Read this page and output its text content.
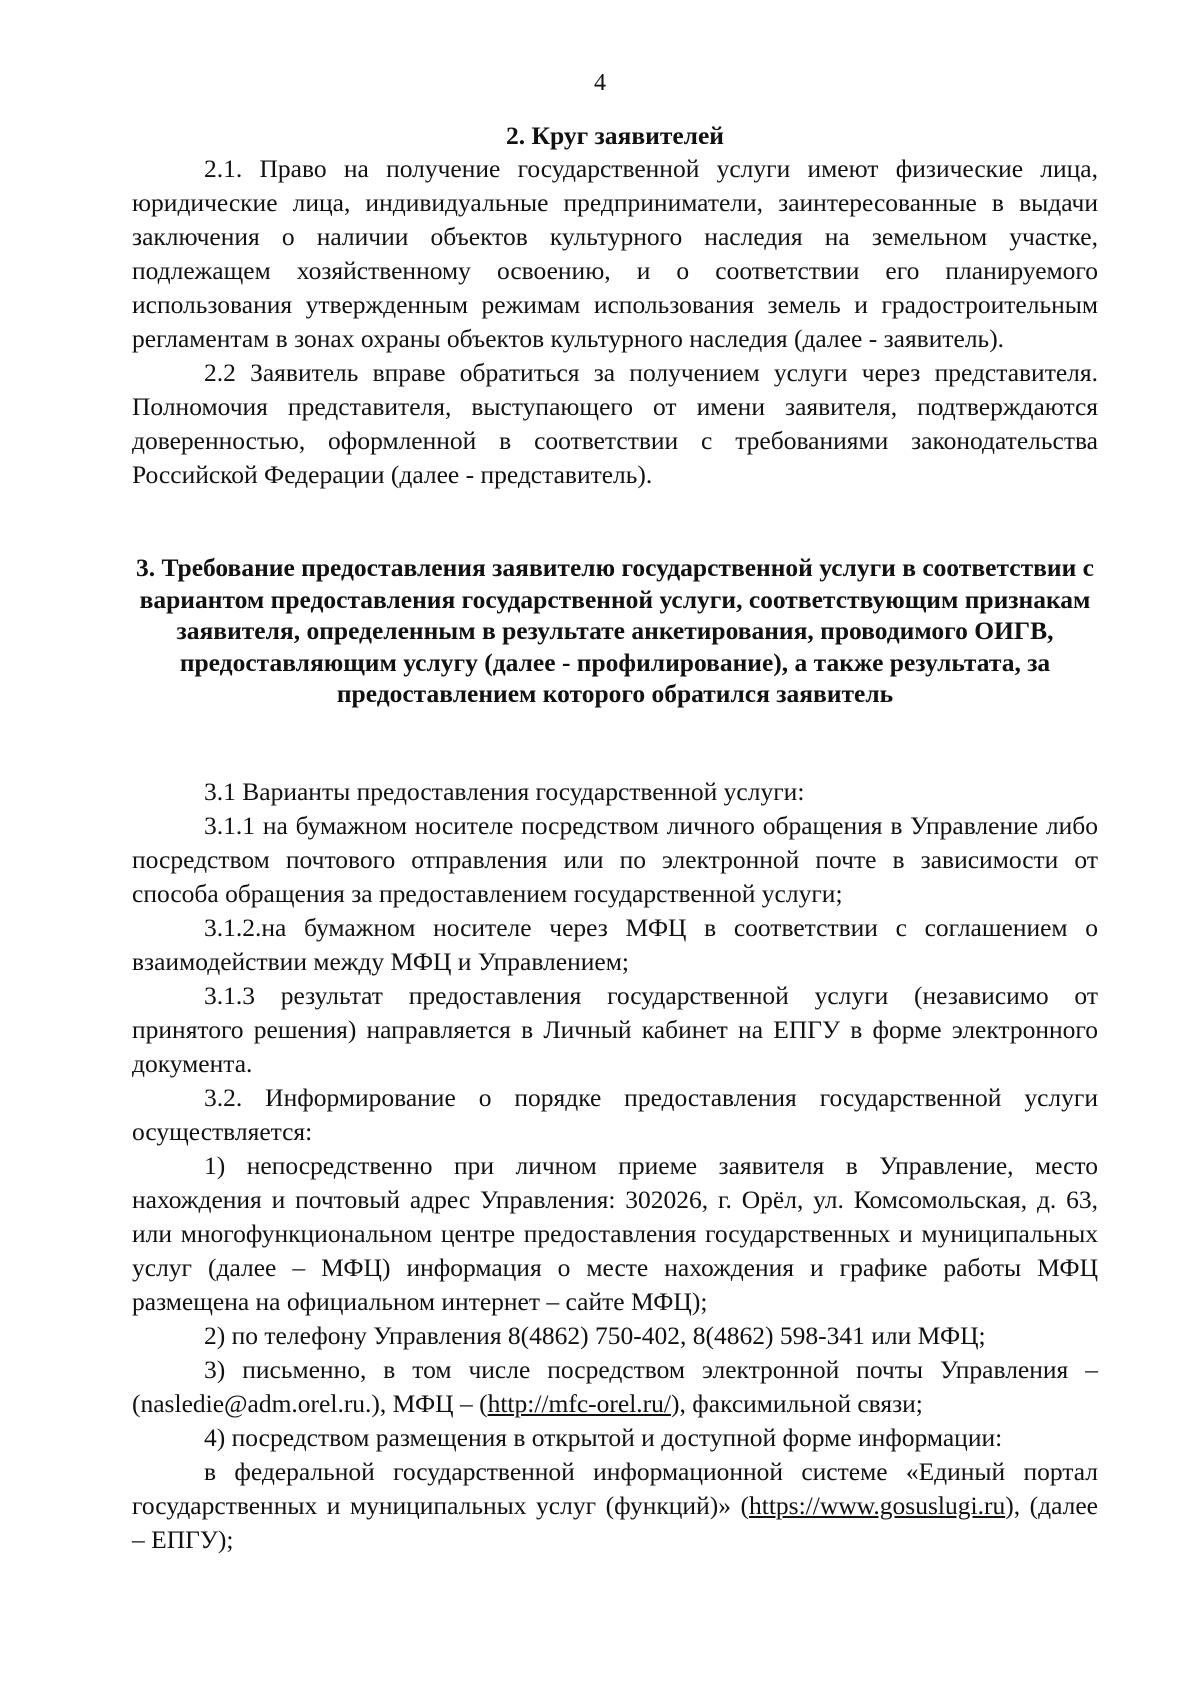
4
2. Круг заявителей

2.1. Право на получение государственной услуги имеют физические лица, юридические лица, индивидуальные предприниматели, заинтересованные в выдачи заключения о наличии объектов культурного наследия на земельном участке, подлежащем хозяйственному освоению, и о соответствии его планируемого использования утвержденным режимам использования земель и градостроительным регламентам в зонах охраны объектов культурного наследия (далее - заявитель).

2.2 Заявитель вправе обратиться за получением услуги через представителя. Полномочия представителя, выступающего от имени заявителя, подтверждаются доверенностью, оформленной в соответствии с требованиями законодательства Российской Федерации (далее - представитель).

3. Требование предоставления заявителю государственной услуги в соответствии с вариантом предоставления государственной услуги, соответствующим признакам заявителя, определенным в результате анкетирования, проводимого ОИГВ, предоставляющим услугу (далее - профилирование), а также результата, за предоставлением которого обратился заявитель

3.1 Варианты предоставления государственной услуги:

3.1.1 на бумажном носителе посредством личного обращения в Управление либо посредством почтового отправления или по электронной почте в зависимости от способа обращения за предоставлением государственной услуги;

3.1.2.на бумажном носителе через МФЦ в соответствии с соглашением о взаимодействии между МФЦ и Управлением;

3.1.3 результат предоставления государственной услуги (независимо от принятого решения) направляется в Личный кабинет на ЕПГУ в форме электронного документа.

3.2. Информирование о порядке предоставления государственной услуги осуществляется:

1) непосредственно при личном приеме заявителя в Управление, место нахождения и почтовый адрес Управления: 302026, г. Орёл, ул. Комсомольская, д. 63, или многофункциональном центре предоставления государственных и муниципальных услуг (далее – МФЦ) информация о месте нахождения и графике работы МФЦ размещена на официальном интернет – сайте МФЦ);

2) по телефону Управления 8(4862) 750-402, 8(4862) 598-341 или МФЦ;

3) письменно, в том числе посредством электронной почты Управления – (nasledie@adm.orel.ru.), МФЦ – (http://mfc-orel.ru/), факсимильной связи;

4) посредством размещения в открытой и доступной форме информации:

в федеральной государственной информационной системе «Единый портал государственных и муниципальных услуг (функций)» (https://www.gosuslugi.ru), (далее – ЕПГУ);
